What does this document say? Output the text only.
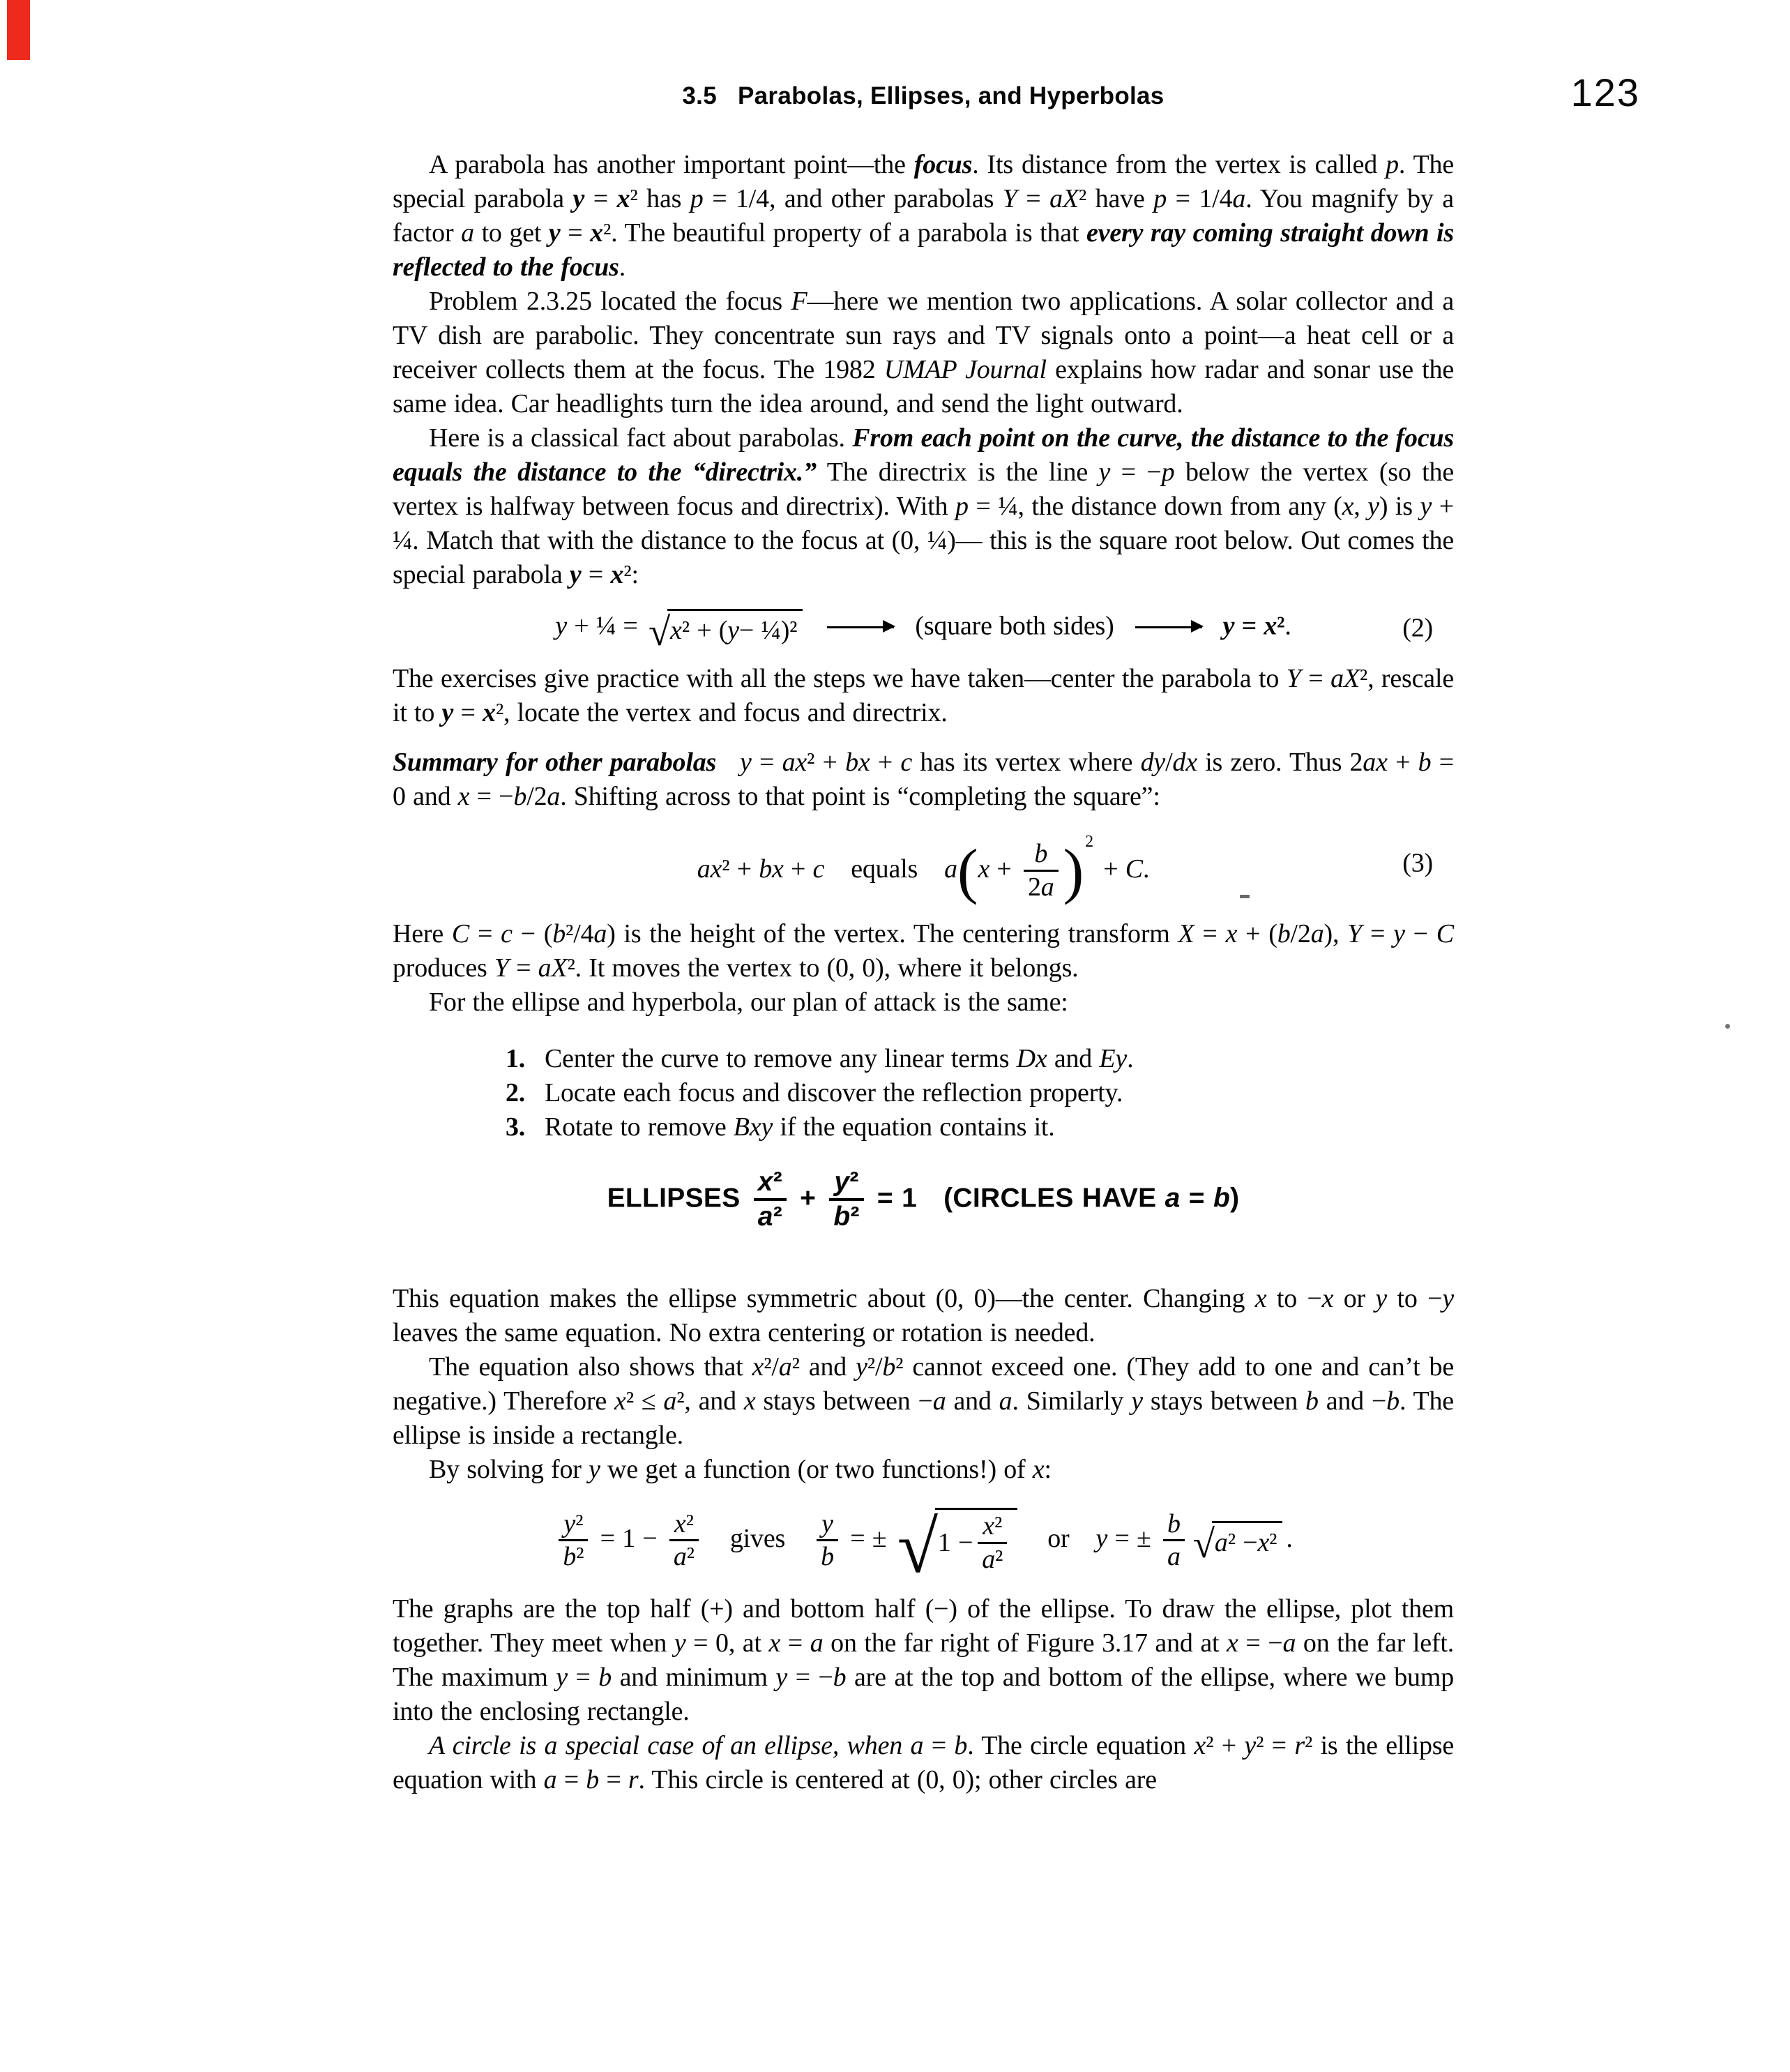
3.5 Parabolas, Ellipses, and Hyperbolas	123

A parabola has another important point—the focus. Its distance from the vertex is called p. The special parabola y = x² has p = 1/4, and other parabolas Y = aX² have p = 1/4a. You magnify by a factor a to get y = x². The beautiful property of a parabola is that every ray coming straight down is reflected to the focus.

Problem 2.3.25 located the focus F—here we mention two applications. A solar collector and a TV dish are parabolic. They concentrate sun rays and TV signals onto a point—a heat cell or a receiver collects them at the focus. The 1982 UMAP Journal explains how radar and sonar use the same idea. Car headlights turn the idea around, and send the light outward.

Here is a classical fact about parabolas. From each point on the curve, the distance to the focus equals the distance to the “directrix.” The directrix is the line y = −p below the vertex (so the vertex is halfway between focus and directrix). With p = ¼, the distance down from any (x, y) is y + ¼. Match that with the distance to the focus at (0, ¼)— this is the square root below. Out comes the special parabola y = x²:

y + ¼ = √ x ² + ( y − ¼)²	(square both sides)	y = x².	(2)

The exercises give practice with all the steps we have taken—center the parabola to Y = aX², rescale it to y = x², locate the vertex and focus and directrix.

Summary for other parabolas y = ax² + bx + c has its vertex where dy/dx is zero. Thus 2ax + b = 0 and x = −b/2a. Shifting across to that point is “completing the square”:

ax² + bx + c equals $a(x + \frac{b}{2a} )2 + C$.	(3)

Here C = c − (b²/4a) is the height of the vertex. The centering transform X = x + (b/2a), Y = y − C produces Y = aX². It moves the vertex to (0, 0), where it belongs.

For the ellipse and hyperbola, our plan of attack is the same:

1. Center the curve to remove any linear terms Dx and Ey.
2. Locate each focus and discover the reflection property.
3. Rotate to remove Bxy if the equation contains it.
ELLIPSES $\frac{\text{x²}}{\text{a²}} + \frac{\text{y²}}{\text{b²}} = 1$ (CIRCLES HAVE a = b)

This equation makes the ellipse symmetric about (0, 0)—the center. Changing x to −x or y to −y leaves the same equation. No extra centering or rotation is needed.

The equation also shows that x²/a² and y²/b² cannot exceed one. (They add to one and can’t be negative.) Therefore x² ≤ a², and x stays between −a and a. Similarly y stays between b and −b. The ellipse is inside a rectangle.

By solving for y we get a function (or two functions!) of x:

$\frac{\text{y²}}{\text{b²}} = 1 - \frac{\text{x²}}{\text{a²}}$ gives $\frac{y}{b}$ = ± √ 1 −
x²
a²
or y = ± $\frac{b}{a}$ √ a ² − x ² .

The graphs are the top half (+) and bottom half (−) of the ellipse. To draw the ellipse, plot them together. They meet when y = 0, at x = a on the far right of Figure 3.17 and at x = −a on the far left. The maximum y = b and minimum y = −b are at the top and bottom of the ellipse, where we bump into the enclosing rectangle.

A circle is a special case of an ellipse, when a = b. The circle equation x² + y² = r² is the ellipse equation with a = b = r. This circle is centered at (0, 0); other circles are
